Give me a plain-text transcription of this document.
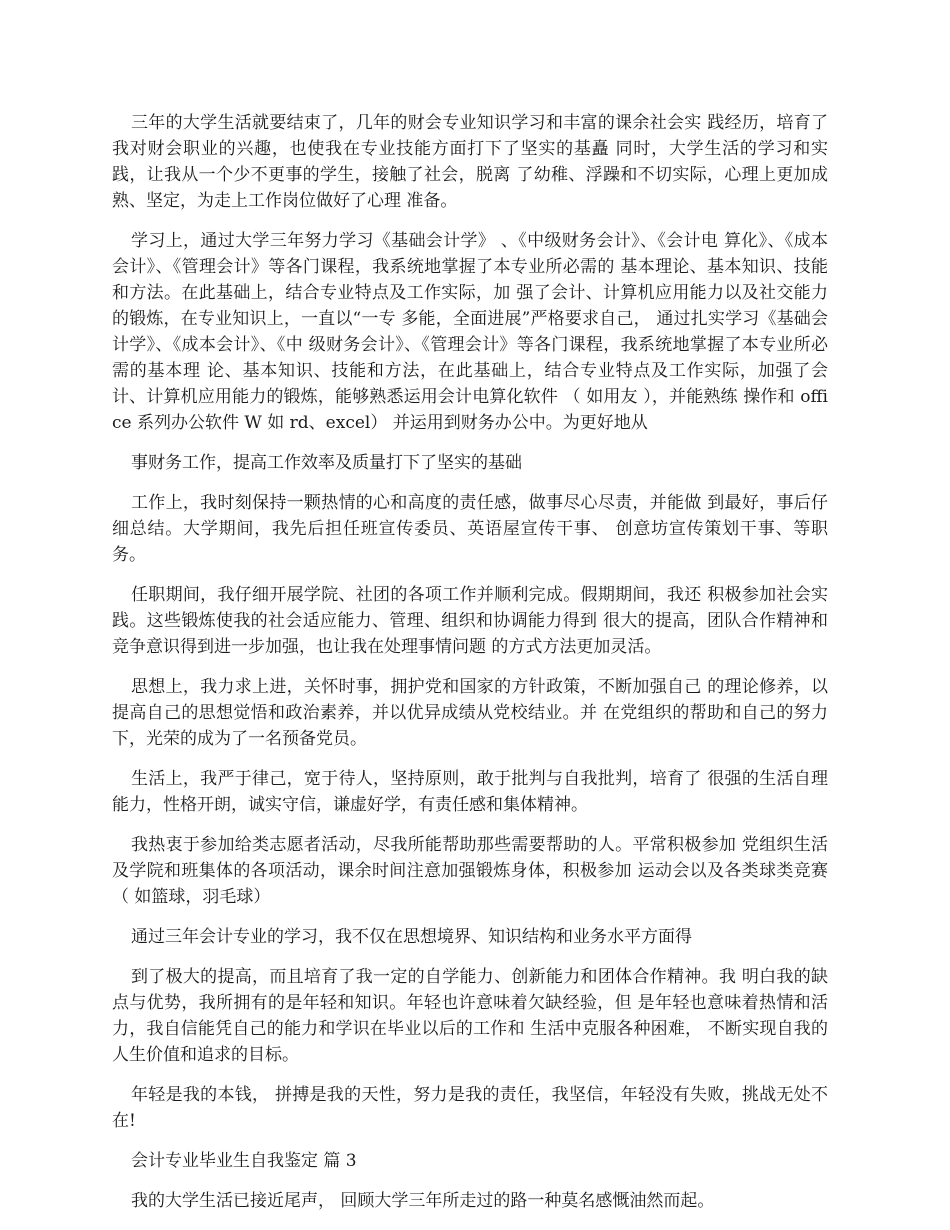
三年的大学生活就要结束了，几年的财会专业知识学习和丰富的课余社会实 践经历，培育了我对财会职业的兴趣，也使我在专业技能方面打下了坚实的基矗 同时，大学生活的学习和实践，让我从一个少不更事的学生，接触了社会，脱离 了幼稚、浮躁和不切实际，心理上更加成熟、坚定，为走上工作岗位做好了心理 准备。

学习上，通过大学三年努力学习《基础会计学》 、《中级财务会计》、《会计电 算化》、《成本会计》、《管理会计》等各门课程，我系统地掌握了本专业所必需的 基本理论、基本知识、技能和方法。在此基础上，结合专业特点及工作实际，加 强了会计、计算机应用能力以及社交能力的锻炼，在专业知识上，一直以“一专 多能，全面进展”严格要求自己， 通过扎实学习《基础会计学》、《成本会计》、《中 级财务会计》、《管理会计》等各门课程，我系统地掌握了本专业所必需的基本理 论、基本知识、技能和方法，在此基础上，结合专业特点及工作实际，加强了会 计、计算机应用能力的锻炼，能够熟悉运用会计电算化软件 （ 如用友 ），并能熟练 操作和 office 系列办公软件 W 如 rd、excel） 并运用到财务办公中。为更好地从

事财务工作，提高工作效率及质量打下了坚实的基础

工作上，我时刻保持一颗热情的心和高度的责任感，做事尽心尽责，并能做 到最好，事后仔细总结。大学期间，我先后担任班宣传委员、英语屋宣传干事、 创意坊宣传策划干事、等职务。

任职期间，我仔细开展学院、社团的各项工作并顺利完成。假期期间，我还 积极参加社会实践。这些锻炼使我的社会适应能力、管理、组织和协调能力得到 很大的提高，团队合作精神和竞争意识得到进一步加强，也让我在处理事情问题 的方式方法更加灵活。

思想上，我力求上进，关怀时事，拥护党和国家的方针政策，不断加强自己 的理论修养，以提高自己的思想觉悟和政治素养，并以优异成绩从党校结业。并 在党组织的帮助和自己的努力下，光荣的成为了一名预备党员。

生活上，我严于律己，宽于待人，坚持原则，敢于批判与自我批判，培育了 很强的生活自理能力，性格开朗，诚实守信，谦虚好学，有责任感和集体精神。

我热衷于参加给类志愿者活动，尽我所能帮助那些需要帮助的人。平常积极参加 党组织生活及学院和班集体的各项活动，课余时间注意加强锻炼身体，积极参加 运动会以及各类球类竞赛 （ 如篮球，羽毛球）

通过三年会计专业的学习，我不仅在思想境界、知识结构和业务水平方面得

到了极大的提高，而且培育了我一定的自学能力、创新能力和团体合作精神。我 明白我的缺点与优势，我所拥有的是年轻和知识。年轻也许意味着欠缺经验，但 是年轻也意味着热情和活力，我自信能凭自己的能力和学识在毕业以后的工作和 生活中克服各种困难， 不断实现自我的人生价值和追求的目标。

年轻是我的本钱， 拼搏是我的天性，努力是我的责任，我坚信，年轻没有失败，挑战无处不在!

会计专业毕业生自我鉴定 篇 3

我的大学生活已接近尾声， 回顾大学三年所走过的路一种莫名感慨油然而起。
